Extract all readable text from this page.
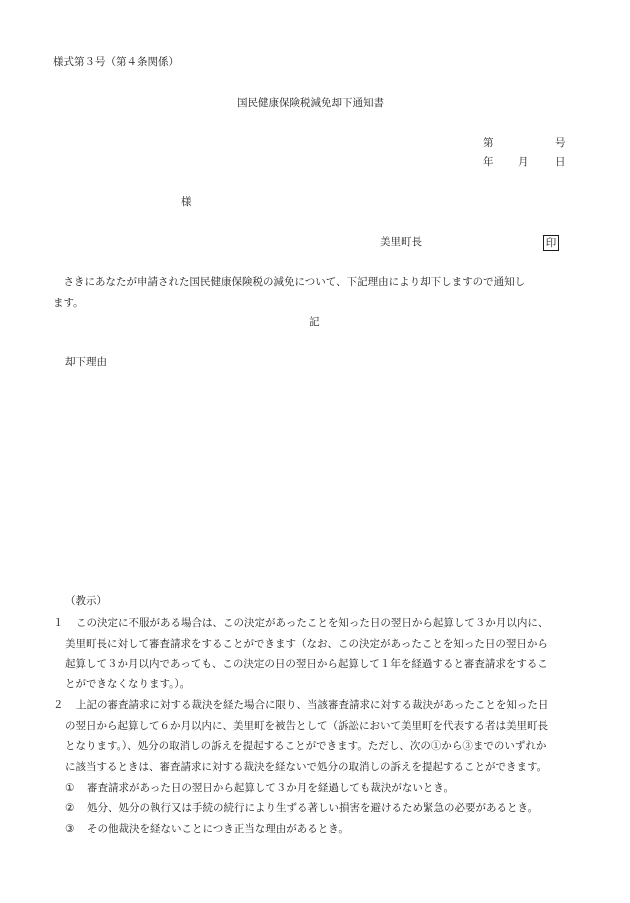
様式第３号（第４条関係）
国民健康保険税減免却下通知書
第	号
年 月	日
様
美里町長	印
　さきにあなたが申請された国民健康保険税の減免について、下記理由により却下しますので通知し
ます。
記
却下理由
（教示）
１ この決定に不服がある場合は、この決定があったことを知った日の翌日から起算して３か月以内に、
美里町長に対して審査請求をすることができます（なお、この決定があったことを知った日の翌日から
起算して３か月以内であっても、この決定の日の翌日から起算して１年を経過すると審査請求をするこ
とができなくなります。）。
２ 上記の審査請求に対する裁決を経た場合に限り、当該審査請求に対する裁決があったことを知った日
の翌日から起算して６か月以内に、美里町を被告として（訴訟において美里町を代表する者は美里町長
となります。）、処分の取消しの訴えを提起することができます。ただし、次の①から③までのいずれか
に該当するときは、審査請求に対する裁決を経ないで処分の取消しの訴えを提起することができます。
① 審査請求があった日の翌日から起算して３か月を経過しても裁決がないとき。
② 処分、処分の執行又は手続の続行により生ずる著しい損害を避けるため緊急の必要があるとき。
③ その他裁決を経ないことにつき正当な理由があるとき。
